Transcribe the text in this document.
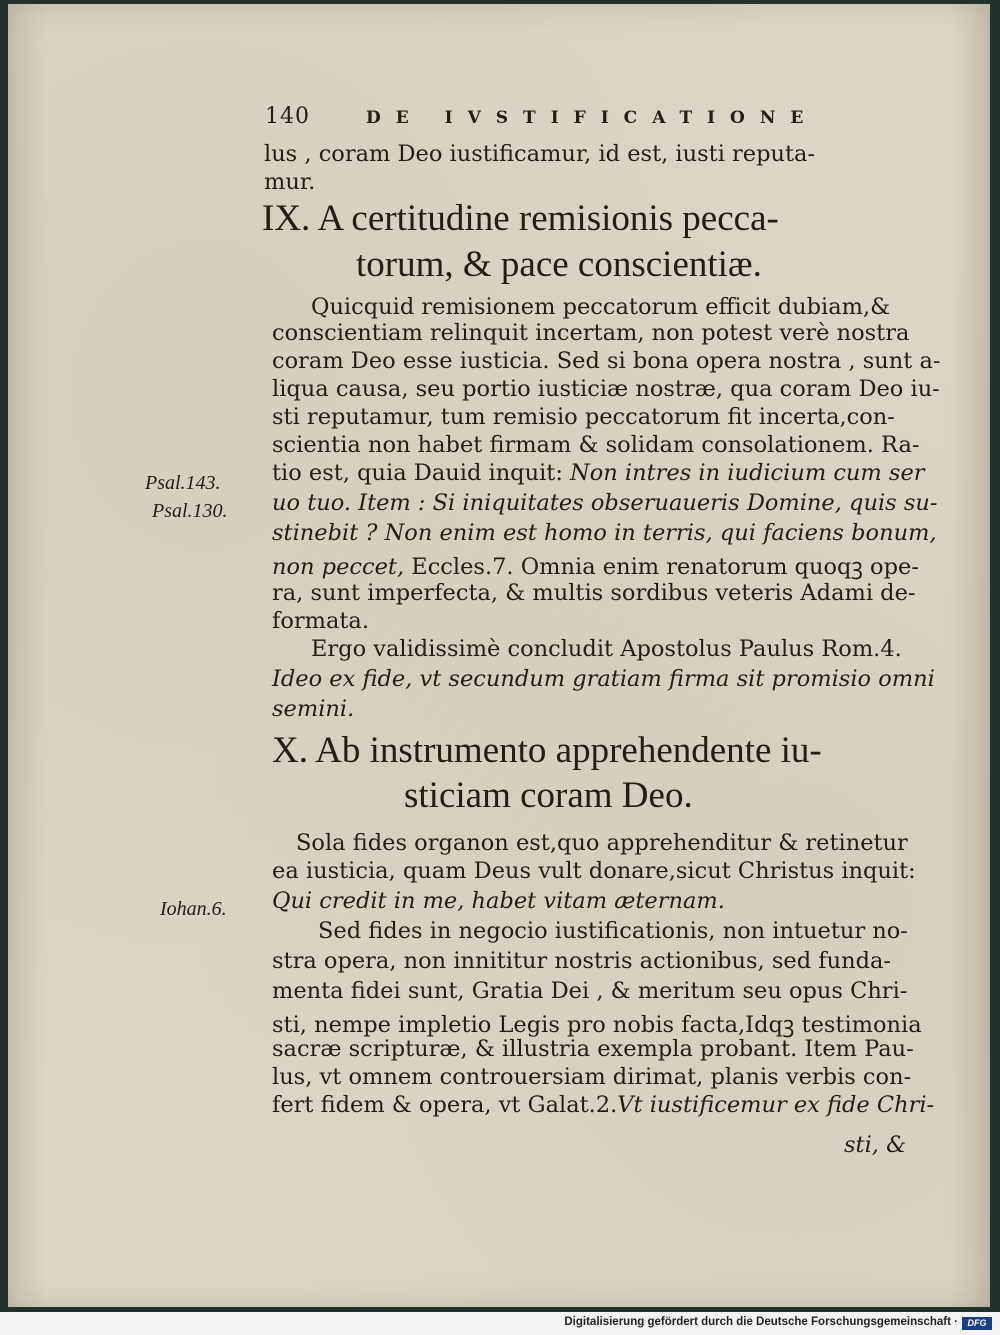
140	DE IVSTIFICATIONE
lus , coram Deo iustificamur, id est, iusti reputa-
mur.
IX. A certitudine remisionis pecca-
torum, & pace conscientiæ.
Quicquid remisionem peccatorum efficit dubiam,&
conscientiam relinquit incertam, non potest verè nostra
coram Deo esse iusticia. Sed si bona opera nostra , sunt a-
liqua causa, seu portio iusticiæ nostræ, qua coram Deo iu-
sti reputamur, tum remisio peccatorum fit incerta,con-
scientia non habet firmam & solidam consolationem. Ra-
tio est, quia Dauid inquit: Non intres in iudicium cum ser
uo tuo. Item : Si iniquitates obseruaueris Domine, quis su-
stinebit ? Non enim est homo in terris, qui faciens bonum,
non peccet, Eccles.7. Omnia enim renatorum quoqꝫ ope-
ra, sunt imperfecta, & multis sordibus veteris Adami de-
formata.
Ergo validissimè concludit Apostolus Paulus Rom.4.
Ideo ex fide, vt secundum gratiam firma sit promisio omni
semini.
X. Ab instrumento apprehendente iu-
sticiam coram Deo.
Sola fides organon est,quo apprehenditur & retinetur
ea iusticia, quam Deus vult donare,sicut Christus inquit:
Qui credit in me, habet vitam æternam.
Sed fides in negocio iustificationis, non intuetur no-
stra opera, non innititur nostris actionibus, sed funda-
menta fidei sunt, Gratia Dei , & meritum seu opus Chri-
sti, nempe impletio Legis pro nobis facta,Idqꝫ testimonia
sacræ scripturæ, & illustria exempla probant. Item Pau-
lus, vt omnem controuersiam dirimat, planis verbis con-
fert fidem & opera, vt Galat.2.Vt iustificemur ex fide Chri-
sti, &
Psal.143.
Psal.130.
Iohan.6.
Digitalisierung gefördert durch die Deutsche Forschungsgemeinschaft ·	DFG
